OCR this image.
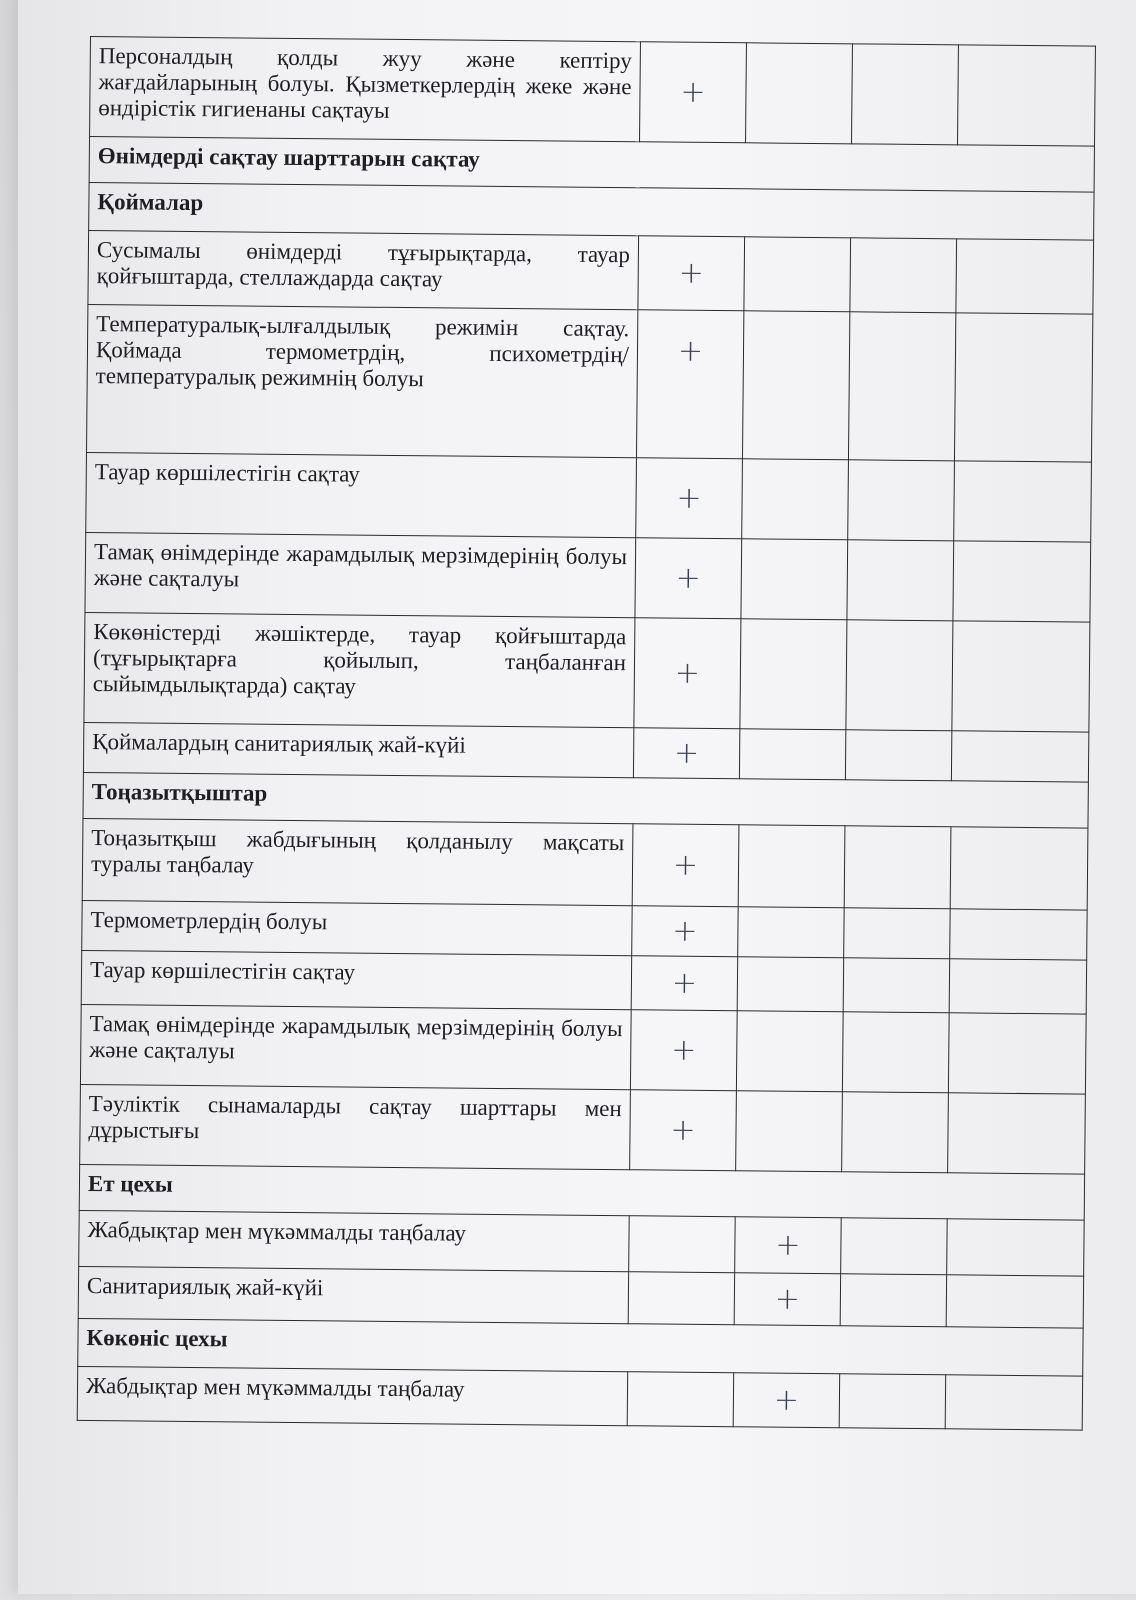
Персоналдың қолды жуу және кептіру жағдайларының болуы. Қызметкерлердің жеке және өндірістік гигиенаны сақтауы	+			
Өнімдерді сақтау шарттарын сақтау				
Қоймалар				
Сусымалы өнімдерді тұғырықтарда, тауар қойғыштарда, стеллаждарда сақтау	+			
Температуралық-ылғалдылық режимін сақтау. Қоймада термометрдің, психометрдің/температуралық режимнің болуы	+			
Тауар көршілестігін сақтау	+			
Тамақ өнімдерінде жарамдылық мерзімдерінің болуы және сақталуы	+			
Көкөністерді жәшіктерде, тауар қойғыштарда (тұғырықтарға қойылып, таңбаланған сыйымдылықтарда) сақтау	+			
Қоймалардың санитариялық жай-күйі	+			
Тоңазытқыштар				
Тоңазытқыш жабдығының қолданылу мақсаты туралы таңбалау	+			
Термометрлердің болуы	+			
Тауар көршілестігін сақтау	+			
Тамақ өнімдерінде жарамдылық мерзімдерінің болуы және сақталуы	+			
Тәуліктік сынамаларды сақтау шарттары мен дұрыстығы	+			
Ет цехы				
Жабдықтар мен мүкәммалды таңбалау		+		
Санитариялық жай-күйі		+		
Көкөніс цехы				
Жабдықтар мен мүкәммалды таңбалау		+		
